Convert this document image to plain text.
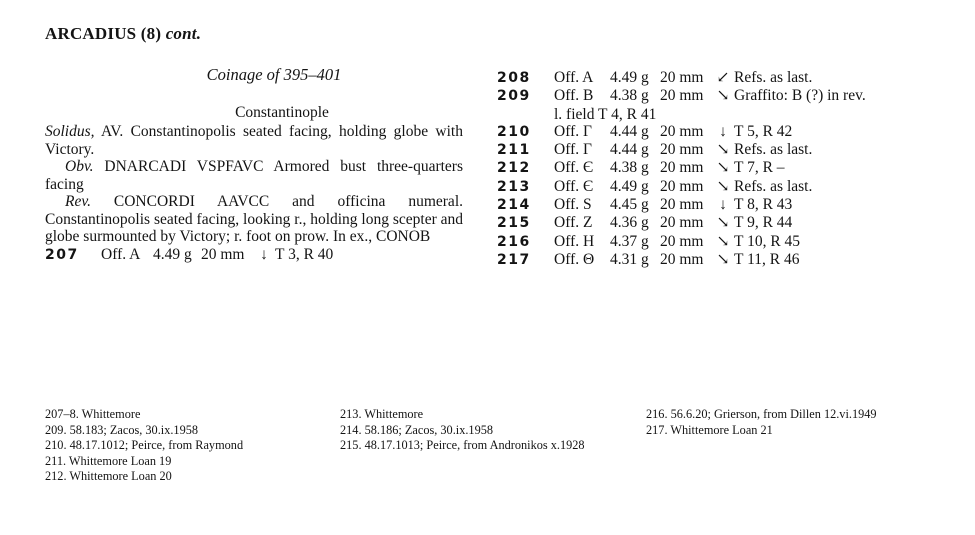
ARCADIUS (8) cont.
Coinage of 395–401
Constantinople

Solidus, AV. Constantinopolis seated facing, holding globe with Victory.

Obv. DNARCADI VSPFAVC Armored bust three-quarters facing

Rev. CONCORDI AAVCC and officina numeral. Constantinopolis seated facing, looking r., holding long scepter and globe surmounted by Victory; r. foot on prow. In ex., CONOB

207	Off. A 4.49 g 20 mm	↓ T 3, R 40
208	Off. A	4.49 g 20 mm ↙ Refs. as last.
209	Off. B	4.38 g 20 mm ↘ Graffito: B (?) in rev.
l. field T 4, R 41
210	Off. Γ	4.44 g 20 mm	↓ T 5, R 42
211	Off. Γ	4.44 g 20 mm ↘ Refs. as last.
212	Off. Є	4.38 g 20 mm ↘ T 7, R –
213	Off. Є	4.49 g 20 mm ↘ Refs. as last.
214	Off. S	4.45 g 20 mm	↓ T 8, R 43
215	Off. Z	4.36 g 20 mm ↘ T 9, R 44
216	Off. H	4.37 g 20 mm ↘ T 10, R 45
217	Off. Θ	4.31 g 20 mm ↘ T 11, R 46

207–8. Whittemore

209. 58.183; Zacos, 30.ix.1958

210. 48.17.1012; Peirce, from Raymond

211. Whittemore Loan 19

212. Whittemore Loan 20

213. Whittemore

214. 58.186; Zacos, 30.ix.1958

215. 48.17.1013; Peirce, from Andronikos x.1928

216. 56.6.20; Grierson, from Dillen 12.vi.1949

217. Whittemore Loan 21
